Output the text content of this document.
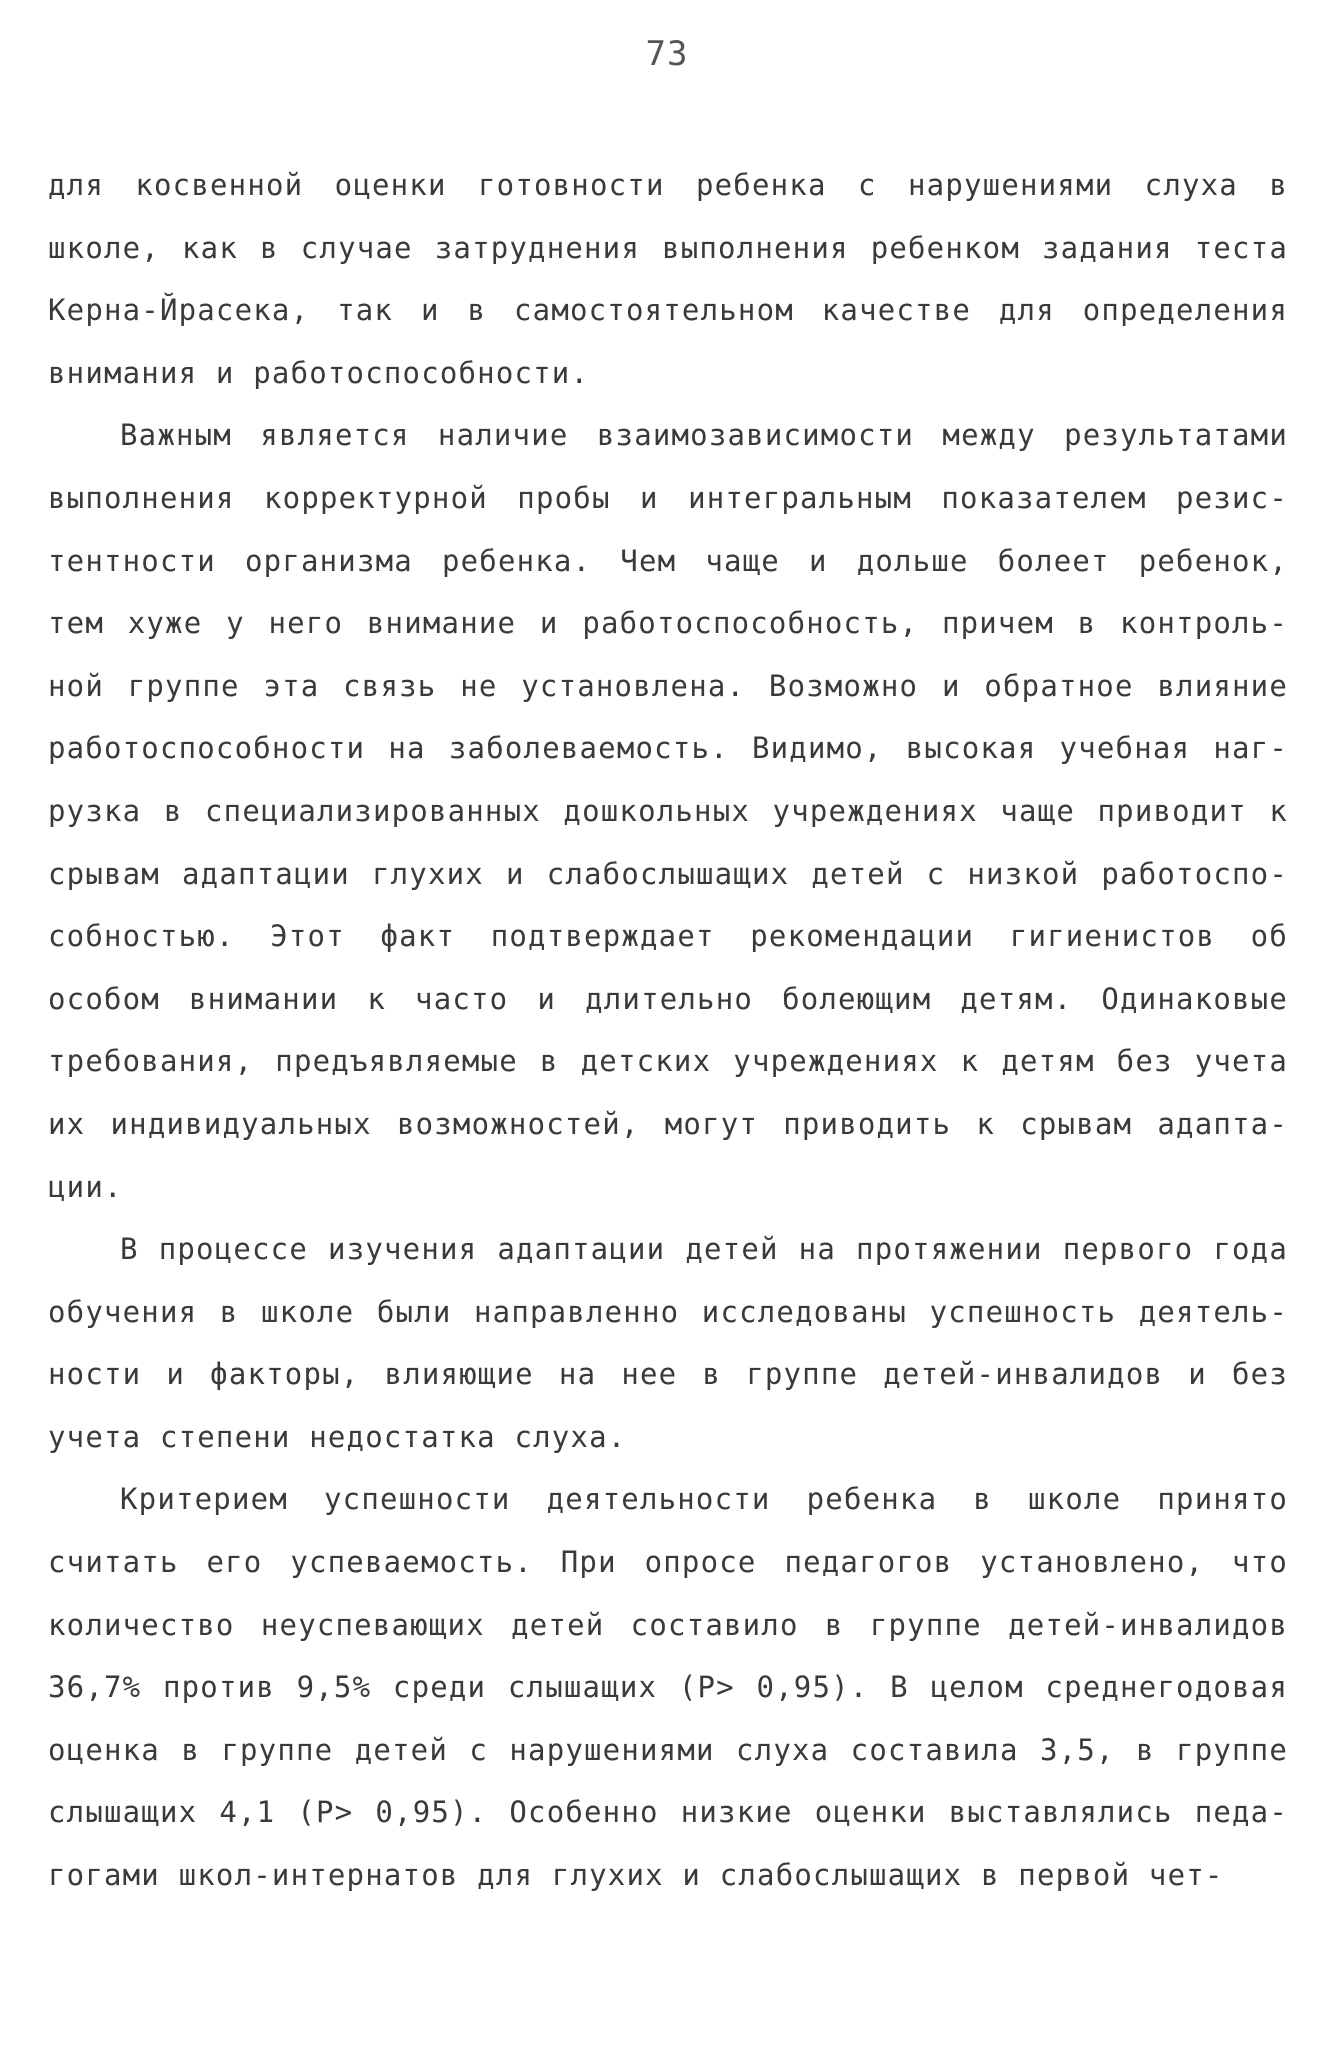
73
для косвенной оценки готовности ребенка с нарушениями слуха в
школе, как в случае затруднения выполнения ребенком задания теста
Керна-Йрасека, так и в самостоятельном качестве для определения
внимания и работоспособности.
Важным является наличие взаимозависимости между результатами
выполнения корректурной пробы и интегральным показателем резис-
тентности организма ребенка. Чем чаще и дольше болеет ребенок,
тем хуже у него внимание и работоспособность, причем в контроль-
ной группе эта связь не установлена. Возможно и обратное влияние
работоспособности на заболеваемость. Видимо, высокая учебная наг-
рузка в специализированных дошкольных учреждениях чаще приводит к
срывам адаптации глухих и слабослышащих детей с низкой работоспо-
собностью. Этот факт подтверждает рекомендации гигиенистов об
особом внимании к часто и длительно болеющим детям. Одинаковые
требования, предъявляемые в детских учреждениях к детям без учета
их индивидуальных возможностей, могут приводить к срывам адапта-
ции.
В процессе изучения адаптации детей на протяжении первого года
обучения в школе были направленно исследованы успешность деятель-
ности и факторы, влияющие на нее в группе детей-инвалидов и без
учета степени недостатка слуха.
Критерием успешности деятельности ребенка в школе принято
считать его успеваемость. При опросе педагогов установлено, что
количество неуспевающих детей составило в группе детей-инвалидов
36,7% против 9,5% среди слышащих (Р> 0,95). В целом среднегодовая
оценка в группе детей с нарушениями слуха составила 3,5, в группе
слышащих 4,1 (Р> 0,95). Особенно низкие оценки выставлялись педа-
гогами школ-интернатов для глухих и слабослышащих в первой чет-
